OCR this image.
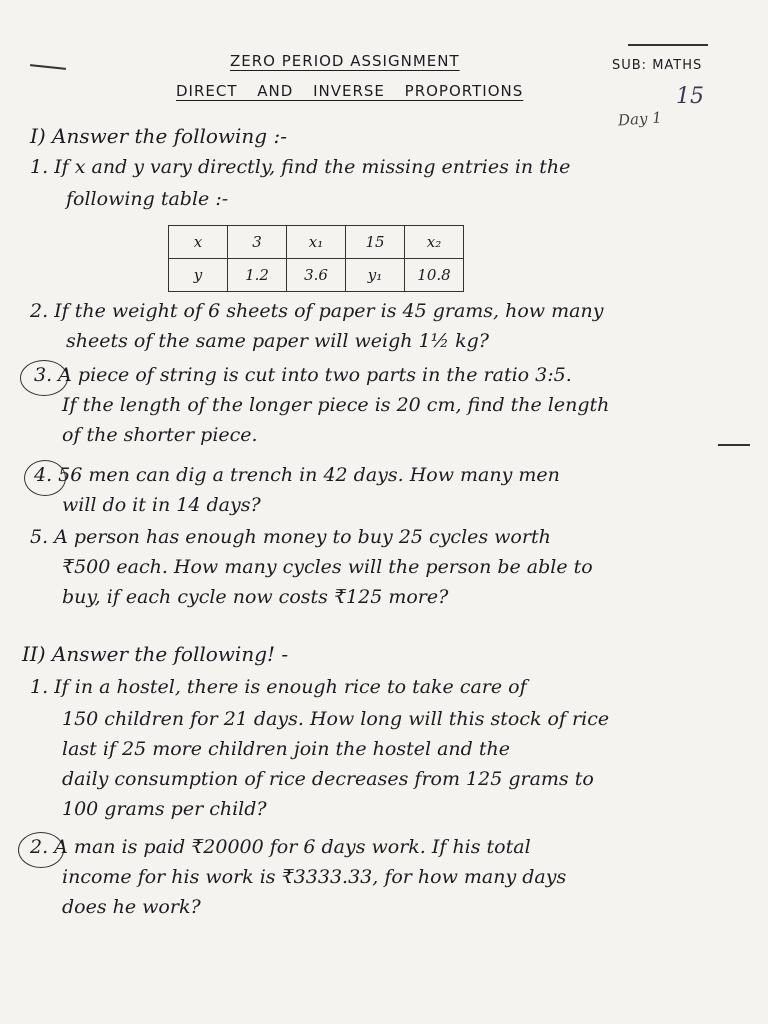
ZERO PERIOD ASSIGNMENT	SUB: MATHS
DIRECT AND INVERSE PROPORTIONS	15
Day 1
I) Answer the following :-
1. If x and y vary directly, find the missing entries in the
following table :-
x	3	x₁	15	x₂
y	1.2	3.6	y₁	10.8
2. If the weight of 6 sheets of paper is 45 grams, how many
sheets of the same paper will weigh 1½ kg?
3. A piece of string is cut into two parts in the ratio 3:5.
If the length of the longer piece is 20 cm, find the length
of the shorter piece.
4. 56 men can dig a trench in 42 days. How many men
will do it in 14 days?
5. A person has enough money to buy 25 cycles worth
₹500 each. How many cycles will the person be able to
buy, if each cycle now costs ₹125 more?
II) Answer the following! -
1. If in a hostel, there is enough rice to take care of
150 children for 21 days. How long will this stock of rice
last if 25 more children join the hostel and the
daily consumption of rice decreases from 125 grams to
100 grams per child?
2. A man is paid ₹20000 for 6 days work. If his total
income for his work is ₹3333.33, for how many days
does he work?
